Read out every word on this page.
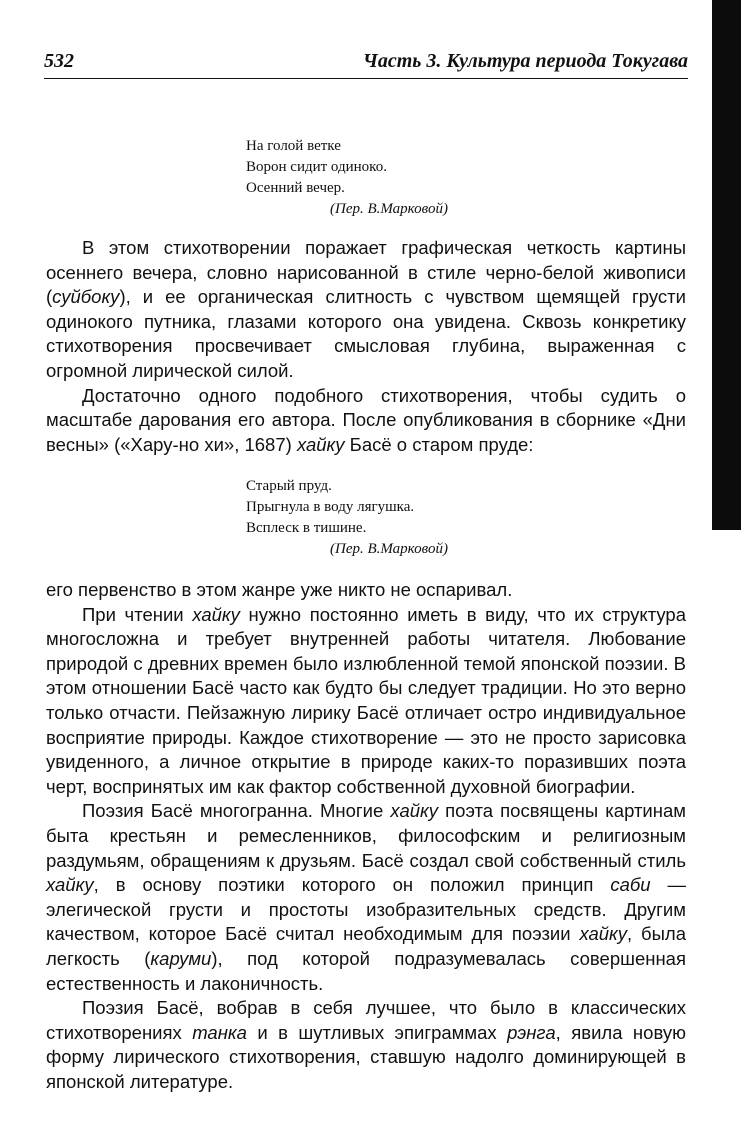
532	Часть 3. Культура периода Токугава
На голой ветке
Ворон сидит одиноко.
Осенний вечер.
(Пер. В.Марковой)

В этом стихотворении поражает графическая четкость картины осеннего вечера, словно нарисованной в стиле черно-белой живописи (суйбоку), и ее органическая слитность с чувством щемящей грусти одинокого путника, глазами которого она увидена. Сквозь конкретику стихотворения просвечивает смысловая глубина, выраженная с огромной лирической силой.

Достаточно одного подобного стихотворения, чтобы судить о масштабе дарования его автора. После опубликования в сборнике «Дни весны» («Хару-но хи», 1687) хайку Басё о старом пруде:

Старый пруд.
Прыгнула в воду лягушка.
Всплеск в тишине.
(Пер. В.Марковой)

его первенство в этом жанре уже никто не оспаривал.

При чтении хайку нужно постоянно иметь в виду, что их структура многосложна и требует внутренней работы читателя. Любование природой с древних времен было излюбленной темой японской поэзии. В этом отношении Басё часто как будто бы следует традиции. Но это верно только отчасти. Пейзажную лирику Басё отличает остро индивидуальное восприятие природы. Каждое стихотворение — это не просто зарисовка увиденного, а личное открытие в природе каких-то поразивших поэта черт, воспринятых им как фактор собственной духовной биографии.

Поэзия Басё многогранна. Многие хайку поэта посвящены картинам быта крестьян и ремесленников, философским и религиозным раздумьям, обращениям к друзьям. Басё создал свой собственный стиль хайку, в основу поэтики которого он положил принцип саби — элегической грусти и простоты изобразительных средств. Другим качеством, которое Басё считал необходимым для поэзии хайку, была легкость (каруми), под которой подразумевалась совершенная естественность и лаконичность.

Поэзия Басё, вобрав в себя лучшее, что было в классических стихотворениях танка и в шутливых эпиграммах рэнга, явила новую форму лирического стихотворения, ставшую надолго доминирующей в японской литературе.
